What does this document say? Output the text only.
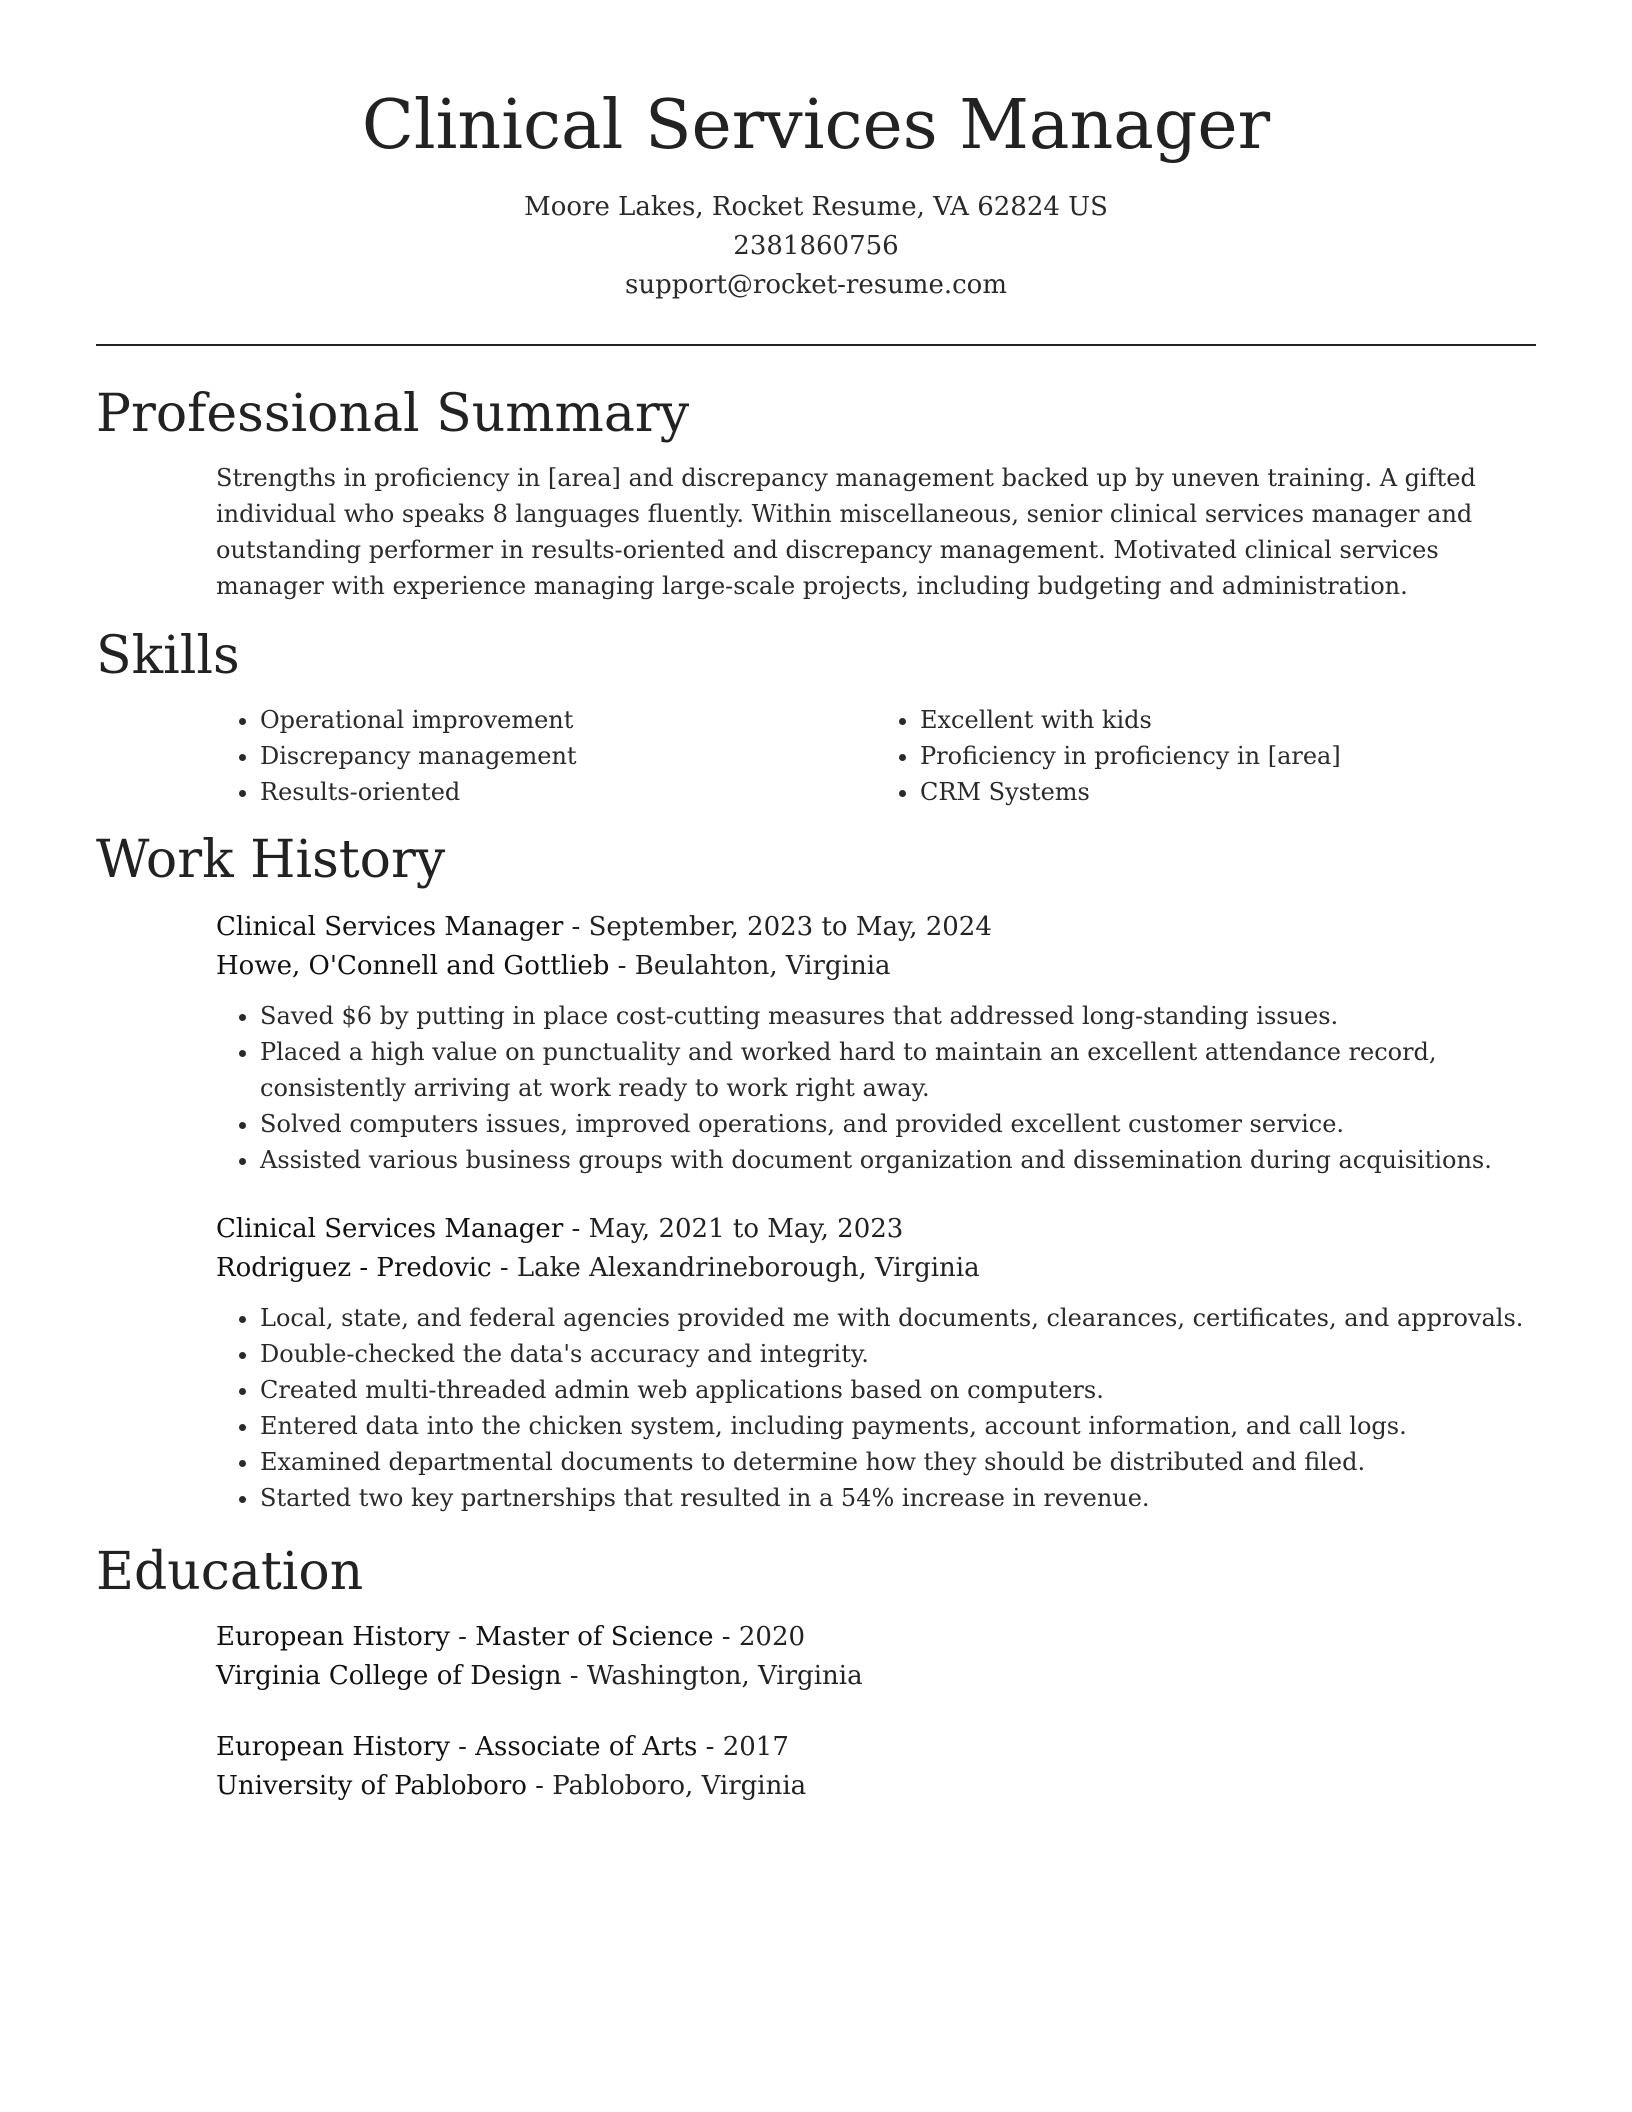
Clinical Services Manager
Moore Lakes, Rocket Resume, VA 62824 US
2381860756
support@rocket-resume.com
Professional Summary
Strengths in proficiency in [area] and discrepancy management backed up by uneven training. A gifted individual who speaks 8 languages fluently. Within miscellaneous, senior clinical services manager and outstanding performer in results-oriented and discrepancy management. Motivated clinical services manager with experience managing large-scale projects, including budgeting and administration.
Skills
• Operational improvement
• Discrepancy management
• Results-oriented
• Excellent with kids
• Proficiency in proficiency in [area]
• CRM Systems
Work History
Clinical Services Manager - September, 2023 to May, 2024
Howe, O'Connell and Gottlieb - Beulahton, Virginia
• Saved $6 by putting in place cost-cutting measures that addressed long-standing issues.
• Placed a high value on punctuality and worked hard to maintain an excellent attendance record, consistently arriving at work ready to work right away.
• Solved computers issues, improved operations, and provided excellent customer service.
• Assisted various business groups with document organization and dissemination during acquisitions.
Clinical Services Manager - May, 2021 to May, 2023
Rodriguez - Predovic - Lake Alexandrineborough, Virginia
• Local, state, and federal agencies provided me with documents, clearances, certificates, and approvals.
• Double-checked the data's accuracy and integrity.
• Created multi-threaded admin web applications based on computers.
• Entered data into the chicken system, including payments, account information, and call logs.
• Examined departmental documents to determine how they should be distributed and filed.
• Started two key partnerships that resulted in a 54% increase in revenue.
Education
European History - Master of Science - 2020
Virginia College of Design - Washington, Virginia
European History - Associate of Arts - 2017
University of Pabloboro - Pabloboro, Virginia
